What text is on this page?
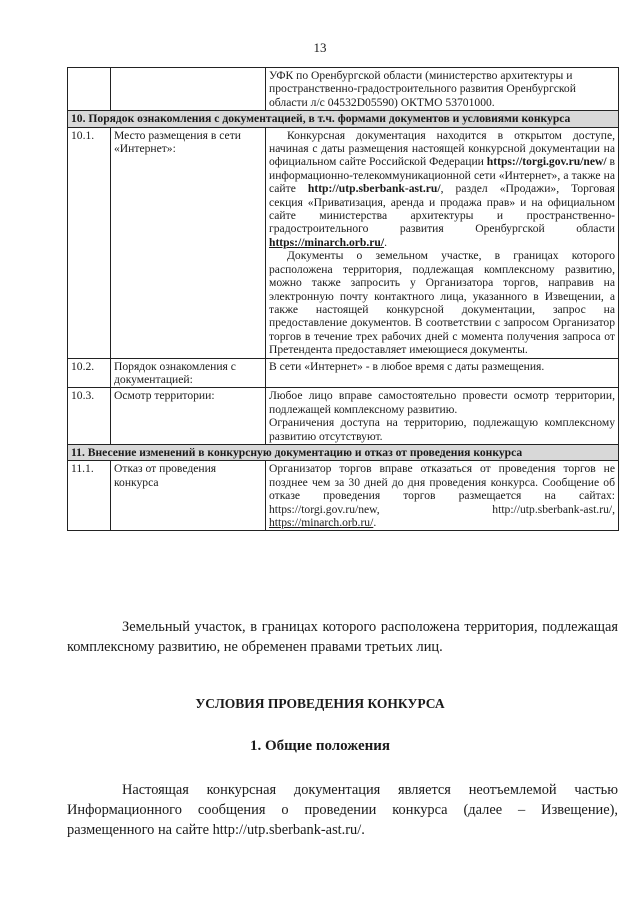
13
		УФК по Оренбургской области (министерство архитектуры и пространственно-градостроительного развития Оренбургской области л/с 04532D05590) ОКТМО 53701000.
10. Порядок ознакомления с документацией, в т.ч. формами документов и условиями конкурса		
10.1.	Место размещения в сети «Интернет»:	Конкурсная документация находится в открытом доступе, начиная с даты размещения настоящей конкурсной документации на официальном сайте Российской Федерации https://torgi.gov.ru/new/ в информационно-телекоммуникационной сети «Интернет», а также на сайте http://utp.sberbank-ast.ru/, раздел «Продажи», Торговая секция «Приватизация, аренда и продажа прав» и на официальном сайте министерства архитектуры и пространственно-градостроительного развития Оренбургской области https://minarch.orb.ru/.
Документы о земельном участке, в границах которого расположена территория, подлежащая комплексному развитию, можно также запросить у Организатора торгов, направив на электронную почту контактного лица, указанного в Извещении, а также настоящей конкурсной документации, запрос на предоставление документов. В соответствии с запросом Организатор торгов в течение трех рабочих дней с момента получения запроса от Претендента предоставляет имеющиеся документы.

10.2.	Порядок ознакомления с документацией:	В сети «Интернет» - в любое время с даты размещения.
10.3.	Осмотр территории:	Любое лицо вправе самостоятельно провести осмотр территории, подлежащей комплексному развитию.
Ограничения доступа на территорию, подлежащую комплексному развитию отсутствуют.

11. Внесение изменений в конкурсную документацию и отказ от проведения конкурса		
11.1.	Отказ от проведения конкурса	Организатор торгов вправе отказаться от проведения торгов не позднее чем за 30 дней до дня проведения конкурса. Сообщение об отказе проведения торгов размещается на сайтах: https://torgi.gov.ru/new, http://utp.sberbank-ast.ru/, https://minarch.orb.ru/.
Земельный участок, в границах которого расположена территория, подлежащая комплексному развитию, не обременен правами третьих лиц.
УСЛОВИЯ ПРОВЕДЕНИЯ КОНКУРСА
1. Общие положения
Настоящая конкурсная документация является неотъемлемой частью Информационного сообщения о проведении конкурса (далее – Извещение), размещенного на сайте http://utp.sberbank-ast.ru/.
